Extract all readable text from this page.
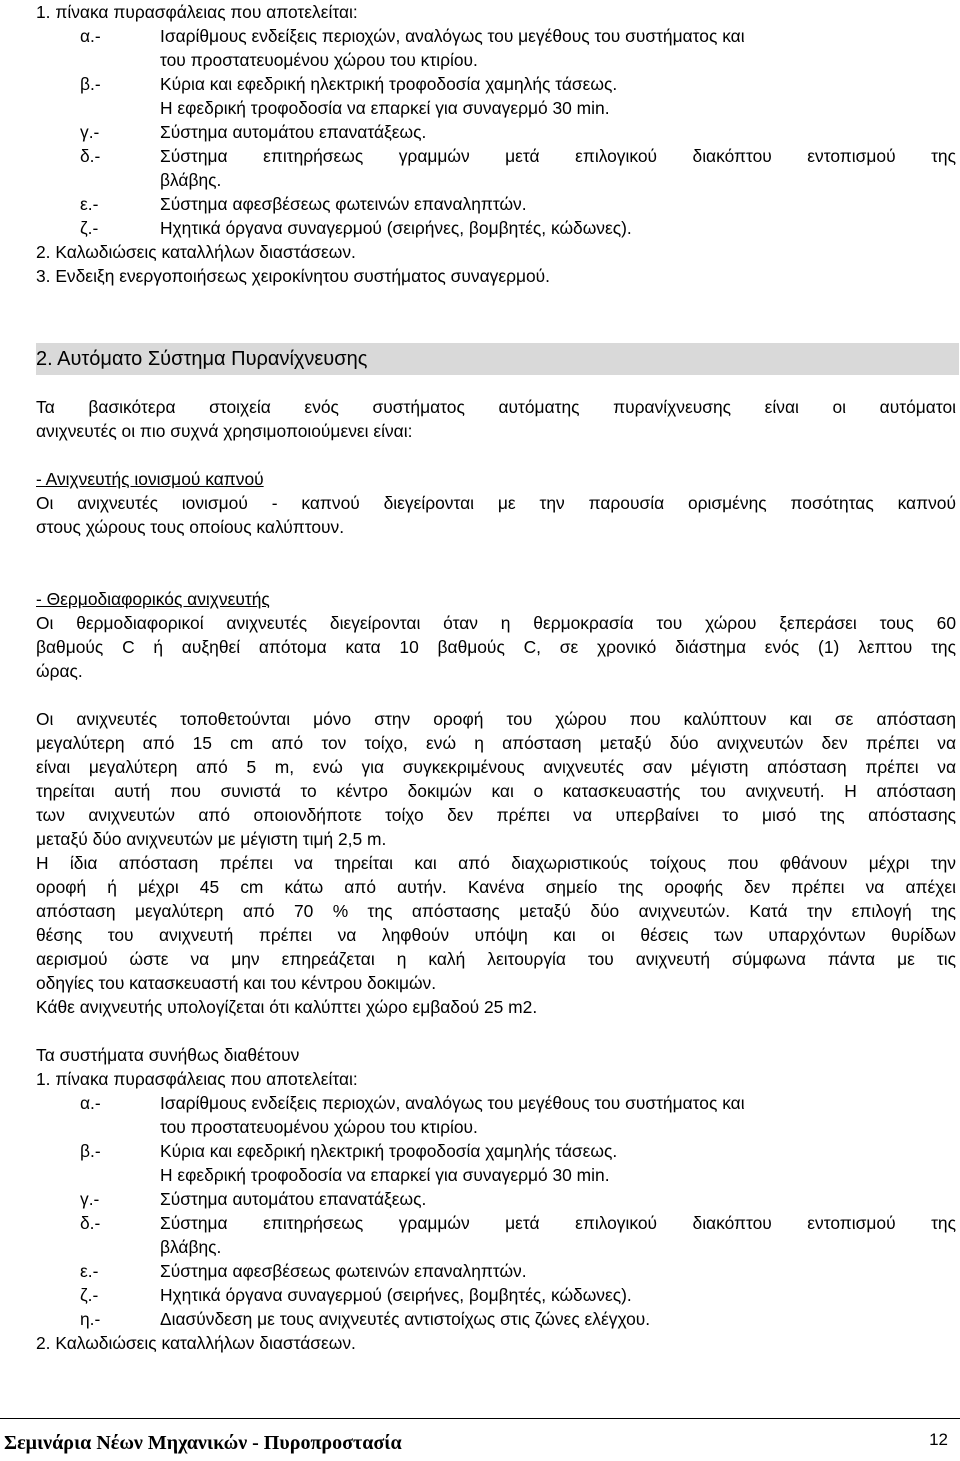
1. πίνακα πυρασφάλειας που αποτελείται:
α.-	Ισαρίθμους ενδείξεις περιοχών, αναλόγως του μεγέθους του συστήματος και
του προστατευομένου χώρου του κτιρίου.
β.-	Κύρια και εφεδρική ηλεκτρική τροφοδοσία χαμηλής τάσεως.
Η εφεδρική τροφοδοσία να επαρκεί για συναγερμό 30 min.
γ.-	Σύστημα αυτομάτου επανατάξεως.
δ.-	Σύστημα επιτηρήσεως γραμμών μετά επιλογικού διακόπτου εντοπισμού της
βλάβης.
ε.-	Σύστημα αφεσβέσεως φωτεινών επαναληπτών.
ζ.-	Ηχητικά όργανα συναγερμού (σειρήνες, βομβητές, κώδωνες).
2. Καλωδιώσεις καταλλήλων διαστάσεων.
3. Ενδειξη ενεργοποιήσεως χειροκίνητου συστήματος συναγερμού.
2. Αυτόματο Σύστημα Πυρανίχνευσης
Τα βασικότερα στοιχεία ενός συστήματος αυτόματης πυρανίχνευσης είναι οι αυτόματοι
ανιχνευτές οι πιο συχνά χρησιμοποιούμενει είναι:
- Ανιχνευτής ιονισμού καπνού
Οι ανιχνευτές ιονισμού - καπνού διεγείρονται με την παρουσία ορισμένης ποσότητας καπνού
στους χώρους τους οποίους καλύπτουν.
- Θερμοδιαφορικός ανιχνευτής
Οι θερμοδιαφορικοί ανιχνευτές διεγείρονται όταν η θερμοκρασία του χώρου ξεπεράσει τους 60
βαθμούς C ή αυξηθεί απότομα κατα 10 βαθμούς C, σε χρονικό διάστημα ενός (1) λεπτου της
ώρας.
Οι ανιχνευτές τοποθετούνται μόνο στην οροφή του χώρου που καλύπτουν και σε απόσταση
μεγαλύτερη από 15 cm από τον τοίχο, ενώ η απόσταση μεταξύ δύο ανιχνευτών δεν πρέπει να
είναι μεγαλύτερη από 5 m, ενώ για συγκεκριμένους ανιχνευτές σαν μέγιστη απόσταση πρέπει να
τηρείται αυτή που συνιστά το κέντρο δοκιμών και ο κατασκευαστής του ανιχνευτή. Η απόσταση
των ανιχνευτών από οποιονδήποτε τοίχο δεν πρέπει να υπερβαίνει το μισό της απόστασης
μεταξύ δύο ανιχνευτών με μέγιστη τιμή 2,5 m.
Η ίδια απόσταση πρέπει να τηρείται και από διαχωριστικούς τοίχους που φθάνουν μέχρι την
οροφή ή μέχρι 45 cm κάτω από αυτήν. Κανένα σημείο της οροφής δεν πρέπει να απέχει
απόσταση μεγαλύτερη από 70 % της απόστασης μεταξύ δύο ανιχνευτών. Κατά την επιλογή της
θέσης του ανιχνευτή πρέπει να ληφθούν υπόψη και οι θέσεις των υπαρχόντων θυρίδων
αερισμού ώστε να μην επηρεάζεται η καλή λειτουργία του ανιχνευτή σύμφωνα πάντα με τις
οδηγίες του κατασκευαστή και του κέντρου δοκιμών.
Κάθε ανιχνευτής υπολογίζεται ότι καλύπτει χώρο εμβαδού 25 m2.
Τα συστήματα συνήθως διαθέτουν
1. πίνακα πυρασφάλειας που αποτελείται:
α.-	Ισαρίθμους ενδείξεις περιοχών, αναλόγως του μεγέθους του συστήματος και
του προστατευομένου χώρου του κτιρίου.
β.-	Κύρια και εφεδρική ηλεκτρική τροφοδοσία χαμηλής τάσεως.
Η εφεδρική τροφοδοσία να επαρκεί για συναγερμό 30 min.
γ.-	Σύστημα αυτομάτου επανατάξεως.
δ.-	Σύστημα επιτηρήσεως γραμμών μετά επιλογικού διακόπτου εντοπισμού της
βλάβης.
ε.-	Σύστημα αφεσβέσεως φωτεινών επαναληπτών.
ζ.-	Ηχητικά όργανα συναγερμού (σειρήνες, βομβητές, κώδωνες).
η.-	Διασύνδεση με τους ανιχνευτές αντιστοίχως στις ζώνες ελέγχου.
2. Καλωδιώσεις καταλλήλων διαστάσεων.
Σεμινάρια Νέων Μηχανικών - Πυροπροστασία	12
